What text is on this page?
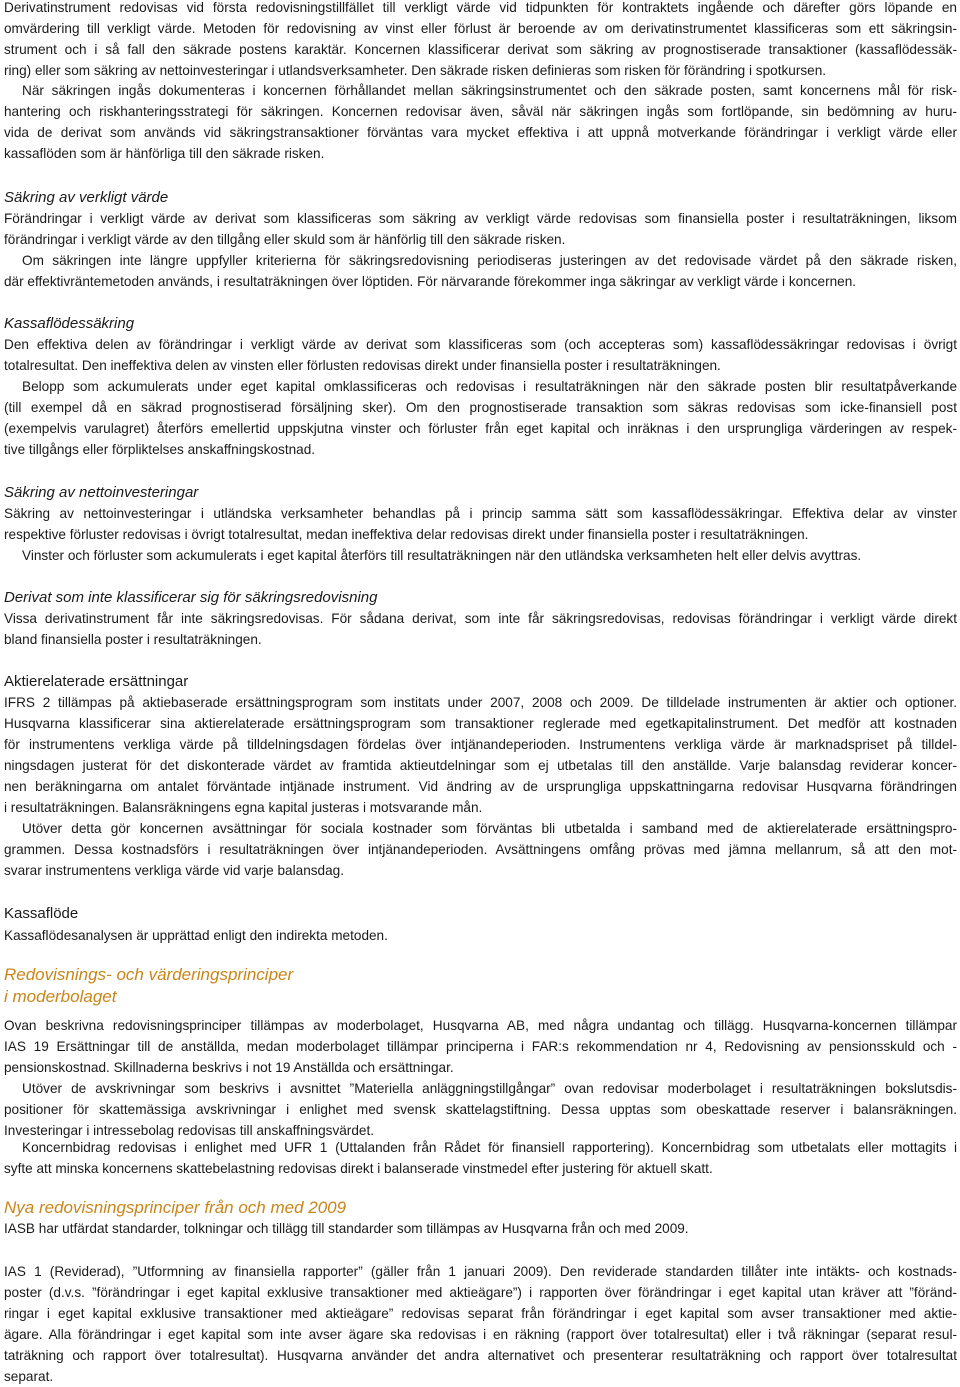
Derivatinstrument redovisas vid första redovisningstillfället till verkligt värde vid tidpunkten för kontraktets ingående och därefter görs löpande en
omvärdering till verkligt värde. Metoden för redovisning av vinst eller förlust är beroende av om derivatinstrumentet klassificeras som ett säkringsin-
strument och i så fall den säkrade postens karaktär. Koncernen klassificerar derivat som säkring av prognostiserade transaktioner (kassaflödessäk-
ring) eller som säkring av nettoinvesteringar i utlandsverksamheter. Den säkrade risken definieras som risken för förändring i spotkursen.
När säkringen ingås dokumenteras i koncernen förhållandet mellan säkringsinstrumentet och den säkrade posten, samt koncernens mål för risk-
hantering och riskhanteringsstrategi för säkringen. Koncernen redovisar även, såväl när säkringen ingås som fortlöpande, sin bedömning av huru-
vida de derivat som används vid säkringstransaktioner förväntas vara mycket effektiva i att uppnå motverkande förändringar i verkligt värde eller
kassaflöden som är hänförliga till den säkrade risken.
Säkring av verkligt värde
Förändringar i verkligt värde av derivat som klassificeras som säkring av verkligt värde redovisas som finansiella poster i resultaträkningen, liksom
förändringar i verkligt värde av den tillgång eller skuld som är hänförlig till den säkrade risken.
Om säkringen inte längre uppfyller kriterierna för säkringsredovisning periodiseras justeringen av det redovisade värdet på den säkrade risken,
där effektivräntemetoden används, i resultaträkningen över löptiden. För närvarande förekommer inga säkringar av verkligt värde i koncernen.
Kassaflödessäkring
Den effektiva delen av förändringar i verkligt värde av derivat som klassificeras som (och accepteras som) kassaflödessäkringar redovisas i övrigt
totalresultat. Den ineffektiva delen av vinsten eller förlusten redovisas direkt under finansiella poster i resultaträkningen.
Belopp som ackumulerats under eget kapital omklassificeras och redovisas i resultaträkningen när den säkrade posten blir resultatpåverkande
(till exempel då en säkrad prognostiserad försäljning sker). Om den prognostiserade transaktion som säkras redovisas som icke-finansiell post
(exempelvis varulagret) återförs emellertid uppskjutna vinster och förluster från eget kapital och inräknas i den ursprungliga värderingen av respek-
tive tillgångs eller förpliktelses anskaffningskostnad.
Säkring av nettoinvesteringar
Säkring av nettoinvesteringar i utländska verksamheter behandlas på i princip samma sätt som kassaflödessäkringar. Effektiva delar av vinster
respektive förluster redovisas i övrigt totalresultat, medan ineffektiva delar redovisas direkt under finansiella poster i resultaträkningen.
Vinster och förluster som ackumulerats i eget kapital återförs till resultaträkningen när den utländska verksamheten helt eller delvis avyttras.
Derivat som inte klassificerar sig för säkringsredovisning
Vissa derivatinstrument får inte säkringsredovisas. För sådana derivat, som inte får säkringsredovisas, redovisas förändringar i verkligt värde direkt
bland finansiella poster i resultaträkningen.
Aktierelaterade ersättningar
IFRS 2 tillämpas på aktiebaserade ersättningsprogram som institats under 2007, 2008 och 2009. De tilldelade instrumenten är aktier och optioner.
Husqvarna klassificerar sina aktierelaterade ersättningsprogram som transaktioner reglerade med egetkapitalinstrument. Det medför att kostnaden
för instrumentens verkliga värde på tilldelningsdagen fördelas över intjänandeperioden. Instrumentens verkliga värde är marknadspriset på tilldel-
ningsdagen justerat för det diskonterade värdet av framtida aktieutdelningar som ej utbetalas till den anställde. Varje balansdag reviderar koncer-
nen beräkningarna om antalet förväntade intjänade instrument. Vid ändring av de ursprungliga uppskattningarna redovisar Husqvarna förändringen
i resultaträkningen. Balansräkningens egna kapital justeras i motsvarande mån.
Utöver detta gör koncernen avsättningar för sociala kostnader som förväntas bli utbetalda i samband med de aktierelaterade ersättningspro-
grammen. Dessa kostnadsförs i resultaträkningen över intjänandeperioden. Avsättningens omfång prövas med jämna mellanrum, så att den mot-
svarar instrumentens verkliga värde vid varje balansdag.
Kassaflöde
Kassaflödesanalysen är upprättad enligt den indirekta metoden.
Redovisnings- och värderingsprinciper
i moderbolaget
Ovan beskrivna redovisningsprinciper tillämpas av moderbolaget, Husqvarna AB, med några undantag och tillägg. Husqvarna-koncernen tillämpar
IAS 19 Ersättningar till de anställda, medan moderbolaget tillämpar principerna i FAR:s rekommendation nr 4, Redovisning av pensionsskuld och -
pensionskostnad. Skillnaderna beskrivs i not 19 Anställda och ersättningar.
Utöver de avskrivningar som beskrivs i avsnittet ”Materiella anläggningstillgångar” ovan redovisar moderbolaget i resultaträkningen bokslutsdis-
positioner för skattemässiga avskrivningar i enlighet med svensk skattelagstiftning. Dessa upptas som obeskattade reserver i balansräkningen.
Investeringar i intressebolag redovisas till anskaffningsvärdet.
Koncernbidrag redovisas i enlighet med UFR 1 (Uttalanden från Rådet för finansiell rapportering). Koncernbidrag som utbetalats eller mottagits i
syfte att minska koncernens skattebelastning redovisas direkt i balanserade vinstmedel efter justering för aktuell skatt.
Nya redovisningsprinciper från och med 2009
IASB har utfärdat standarder, tolkningar och tillägg till standarder som tillämpas av Husqvarna från och med 2009.
IAS 1 (Reviderad), ”Utformning av finansiella rapporter” (gäller från 1 januari 2009). Den reviderade standarden tillåter inte intäkts- och kostnads-
poster (d.v.s. ”förändringar i eget kapital exklusive transaktioner med aktieägare”) i rapporten över förändringar i eget kapital utan kräver att ”föränd-
ringar i eget kapital exklusive transaktioner med aktieägare” redovisas separat från förändringar i eget kapital som avser transaktioner med aktie-
ägare. Alla förändringar i eget kapital som inte avser ägare ska redovisas i en räkning (rapport över totalresultat) eller i två räkningar (separat resul-
taträkning och rapport över totalresultat). Husqvarna använder det andra alternativet och presenterar resultaträkning och rapport över totalresultat
separat.
